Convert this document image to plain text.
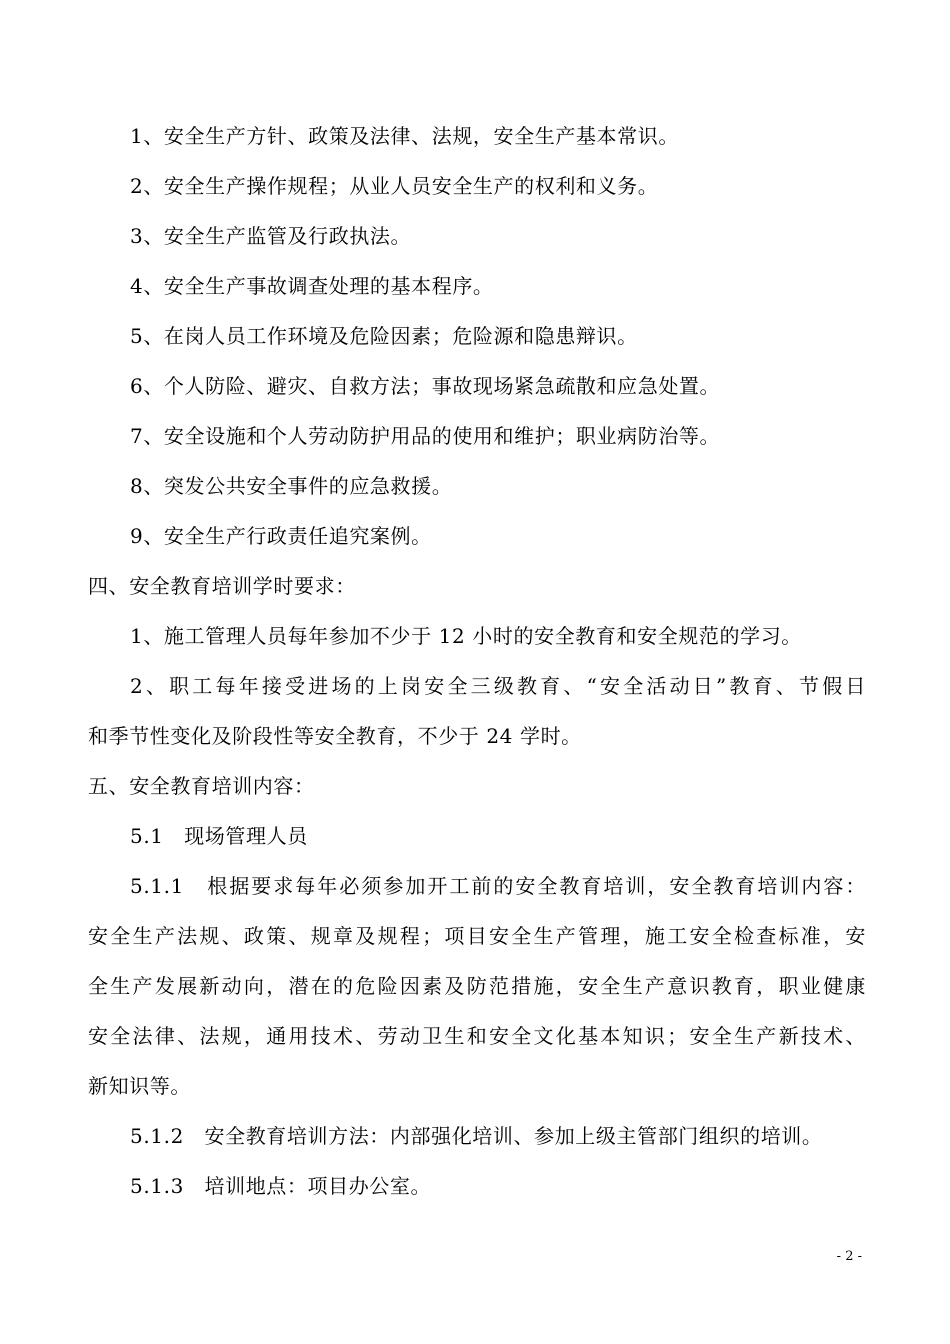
1、安全生产方针、政策及法律、法规，安全生产基本常识。
2、安全生产操作规程；从业人员安全生产的权利和义务。
3、安全生产监管及行政执法。
4、安全生产事故调查处理的基本程序。
5、在岗人员工作环境及危险因素；危险源和隐患辩识。
6、个人防险、避灾、自救方法；事故现场紧急疏散和应急处置。
7、安全设施和个人劳动防护用品的使用和维护；职业病防治等。
8、突发公共安全事件的应急救援。
9、安全生产行政责任追究案例。
四、安全教育培训学时要求：
1、施工管理人员每年参加不少于 12 小时的安全教育和安全规范的学习。
2、职工每年接受进场的上岗安全三级教育、“安全活动日”教育、节假日
和季节性变化及阶段性等安全教育，不少于 24 学时。
五、安全教育培训内容：
5.1　现场管理人员
5.1.1　根据要求每年必须参加开工前的安全教育培训，安全教育培训内容：
安全生产法规、政策、规章及规程；项目安全生产管理，施工安全检查标准，安
全生产发展新动向，潜在的危险因素及防范措施，安全生产意识教育，职业健康
安全法律、法规，通用技术、劳动卫生和安全文化基本知识；安全生产新技术、
新知识等。
5.1.2　安全教育培训方法：内部强化培训、参加上级主管部门组织的培训。
5.1.3　培训地点：项目办公室。
- 2 -
